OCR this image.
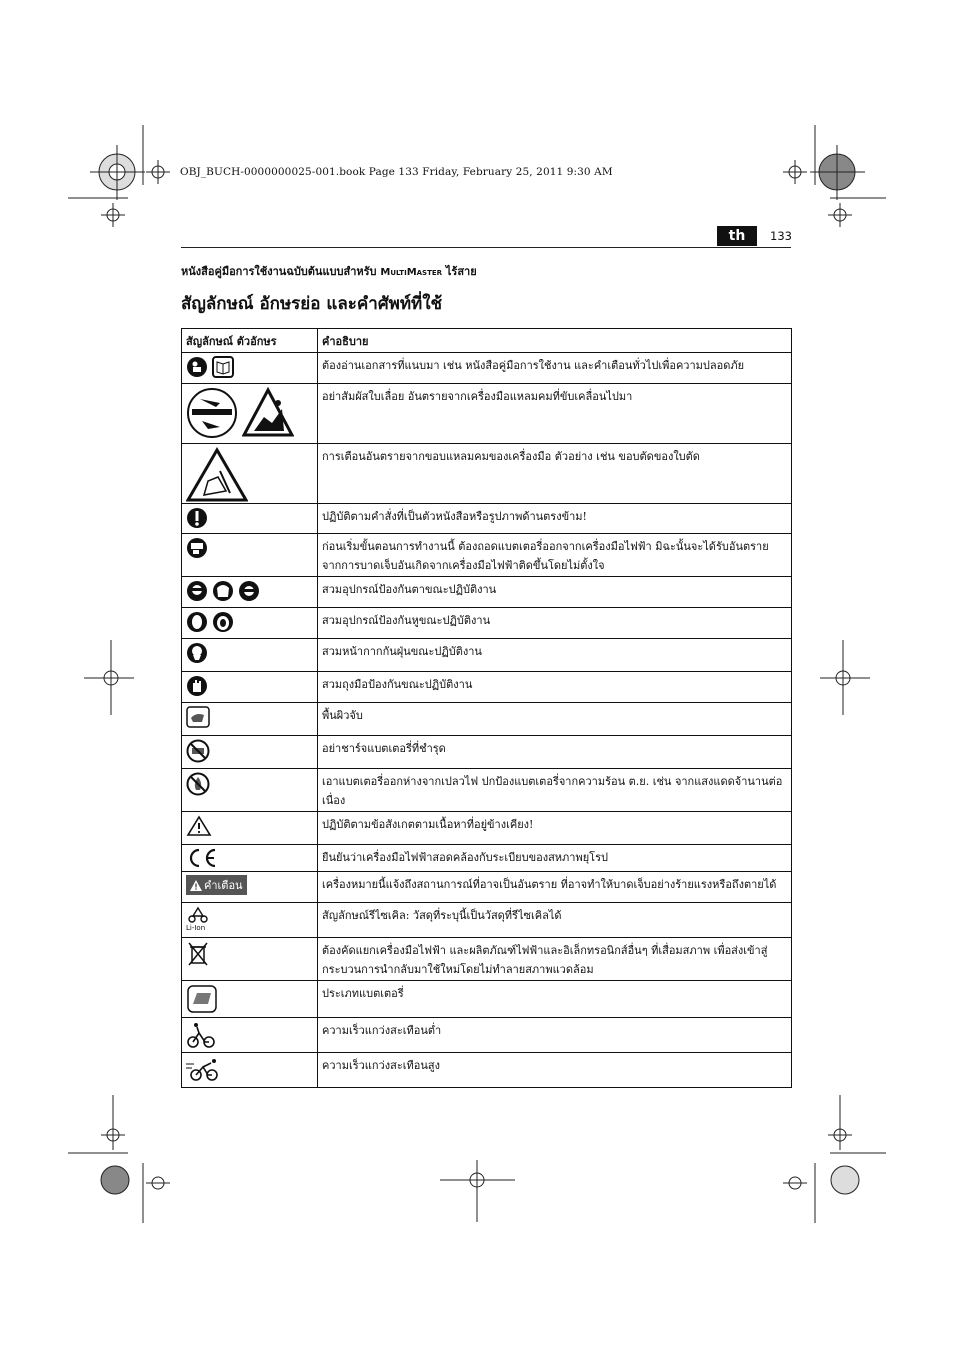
OBJ_BUCH-0000000025-001.book Page 133 Friday, February 25, 2011 9:30 AM
th	133
หนังสือคู่มือการใช้งานฉบับต้นแบบสำหรับ MultiMaster ไร้สาย
สัญลักษณ์ อักษรย่อ และคำศัพท์ที่ใช้
สัญลักษณ์ ตัวอักษร	คำอธิบาย
ต้องอ่านเอกสารที่แนบมา เช่น หนังสือคู่มือการใช้งาน และคำเตือนทั่วไปเพื่อความปลอดภัย
อย่าสัมผัสใบเลื่อย อันตรายจากเครื่องมือแหลมคมที่ขับเคลื่อนไปมา
การเตือนอันตรายจากขอบแหลมคมของเครื่องมือ ตัวอย่าง เช่น ขอบตัดของใบตัด
ปฏิบัติตามคำสั่งที่เป็นตัวหนังสือหรือรูปภาพด้านตรงข้าม!
ก่อนเริ่มขั้นตอนการทำงานนี้ ต้องถอดแบตเตอรี่ออกจากเครื่องมือไฟฟ้า มิฉะนั้นจะได้รับอันตรายจากการบาดเจ็บอันเกิดจากเครื่องมือไฟฟ้าติดขึ้นโดยไม่ตั้งใจ
สวมอุปกรณ์ป้องกันตาขณะปฏิบัติงาน
สวมอุปกรณ์ป้องกันหูขณะปฏิบัติงาน
สวมหน้ากากกันฝุ่นขณะปฏิบัติงาน
สวมถุงมือป้องกันขณะปฏิบัติงาน
พื้นผิวจับ
อย่าชาร์จแบตเตอรี่ที่ชำรุด
เอาแบตเตอรี่ออกห่างจากเปลวไฟ ปกป้องแบตเตอรี่จากความร้อน ต.ย. เช่น จากแสงแดดจ้านานต่อเนื่อง
ปฏิบัติตามข้อสังเกตตามเนื้อหาที่อยู่ข้างเคียง!
ยืนยันว่าเครื่องมือไฟฟ้าสอดคล้องกับระเบียบของสหภาพยุโรป
คำเตือน	เครื่องหมายนี้แจ้งถึงสถานการณ์ที่อาจเป็นอันตราย ที่อาจทำให้บาดเจ็บอย่างร้ายแรงหรือถึงตายได้
Li-Ion
สัญลักษณ์รีไซเคิล: วัสดุที่ระบุนี้เป็นวัสดุที่รีไซเคิลได้
ต้องคัดแยกเครื่องมือไฟฟ้า และผลิตภัณฑ์ไฟฟ้าและอิเล็กทรอนิกส์อื่นๆ ที่เสื่อมสภาพ เพื่อส่งเข้าสู่กระบวนการนำกลับมาใช้ใหม่โดยไม่ทำลายสภาพแวดล้อม
ประเภทแบตเตอรี่
ความเร็วแกว่งสะเทือนต่ำ
ความเร็วแกว่งสะเทือนสูง
